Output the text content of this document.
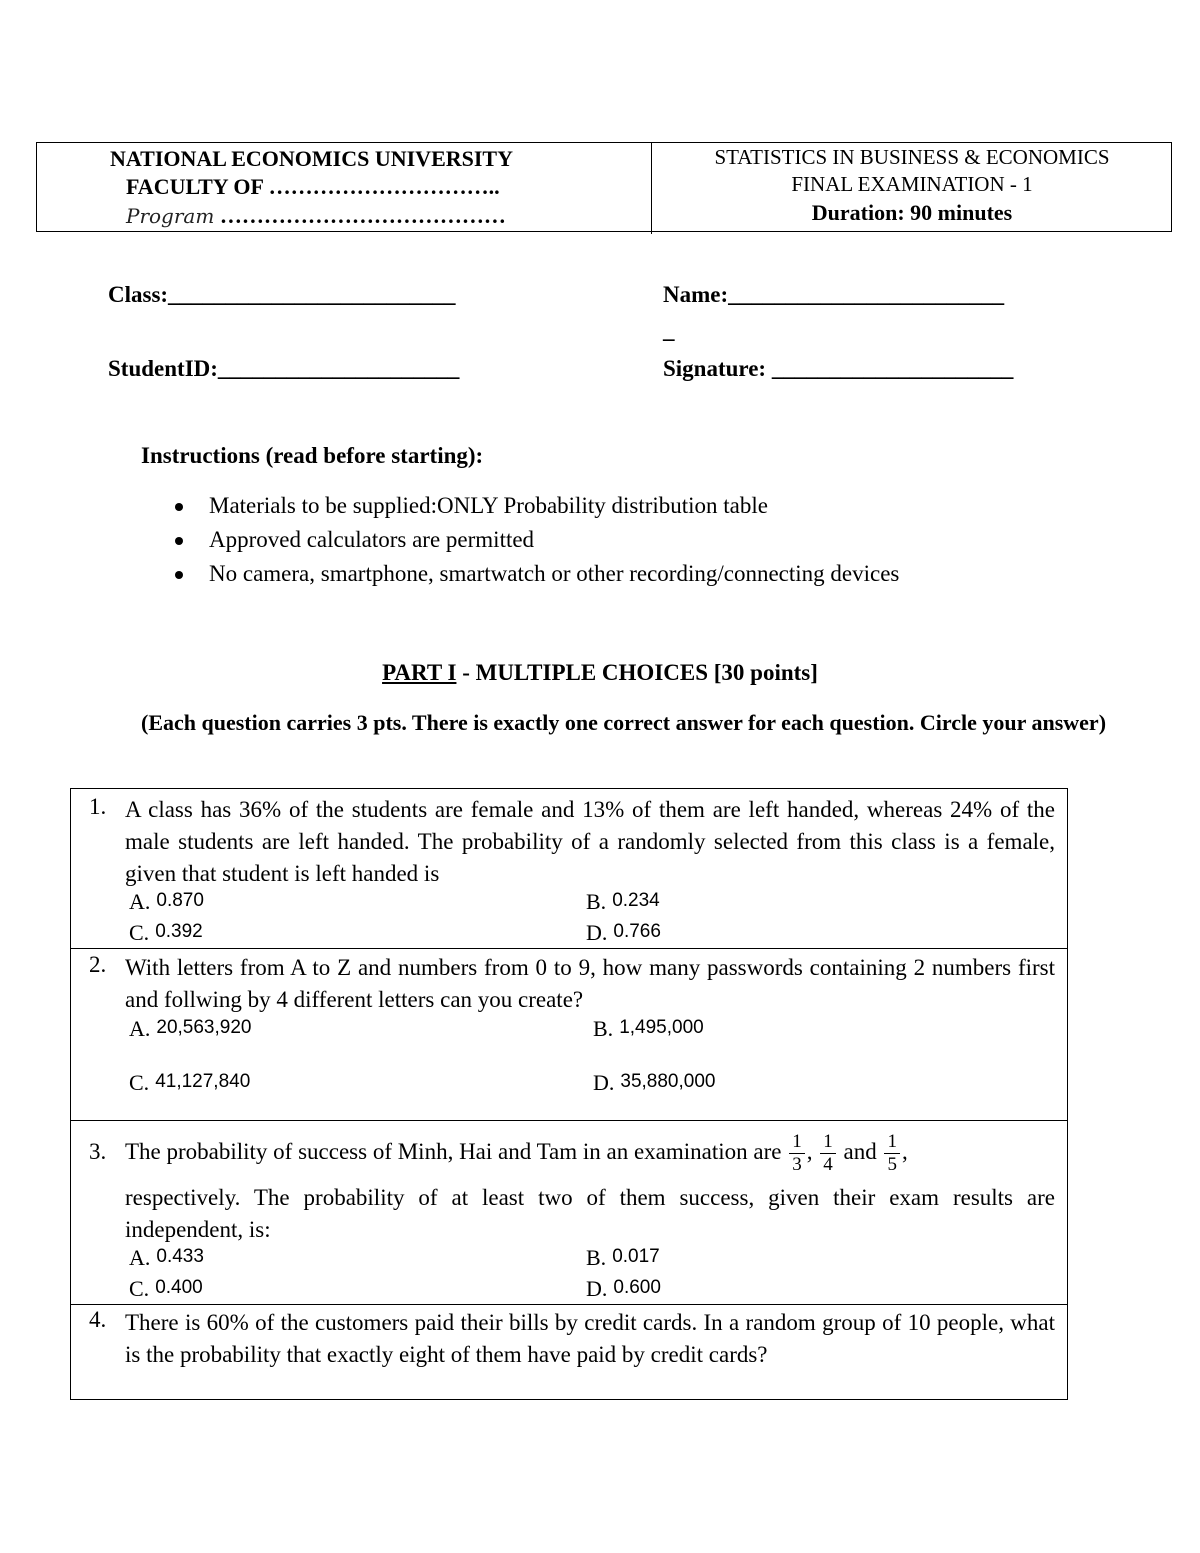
NATIONAL ECONOMICS UNIVERSITY
FACULTY OF …………………………..
Program …………………………………
STATISTICS IN BUSINESS & ECONOMICS
FINAL EXAMINATION - 1
Duration: 90 minutes
Class:_________________________	Name:________________________
_
StudentID:_____________________	Signature: _____________________
Instructions (read before starting):
Materials to be supplied:ONLY Probability distribution table
Approved calculators are permitted
No camera, smartphone, smartwatch or other recording/connecting devices
PART I - MULTIPLE CHOICES [30 points]
(Each question carries 3 pts. There is exactly one correct answer for each question. Circle your answer)
1. A class has 36% of the students are female and 13% of them are left handed, whereas 24% of the male students are left handed. The probability of a randomly selected from this class is a female, given that student is left handed is
A. 0.870	B. 0.234
C. 0.392	D. 0.766
2. With letters from A to Z and numbers from 0 to 9, how many passwords containing 2 numbers first and follwing by 4 different letters can you create?
A. 20,563,920	B. 1,495,000
C. 41,127,840	D. 35,880,000
3. The probability of success of Minh, Hai and Tam in an examination are $\frac{1}{3}$ , $\frac{1}{4}$ and $\frac{1}{5}$ ,
respectively. The probability of at least two of them success, given their exam results are independent, is:
A. 0.433	B. 0.017
C. 0.400	D. 0.600
4. There is 60% of the customers paid their bills by credit cards. In a random group of 10 people, what is the probability that exactly eight of them have paid by credit cards?
